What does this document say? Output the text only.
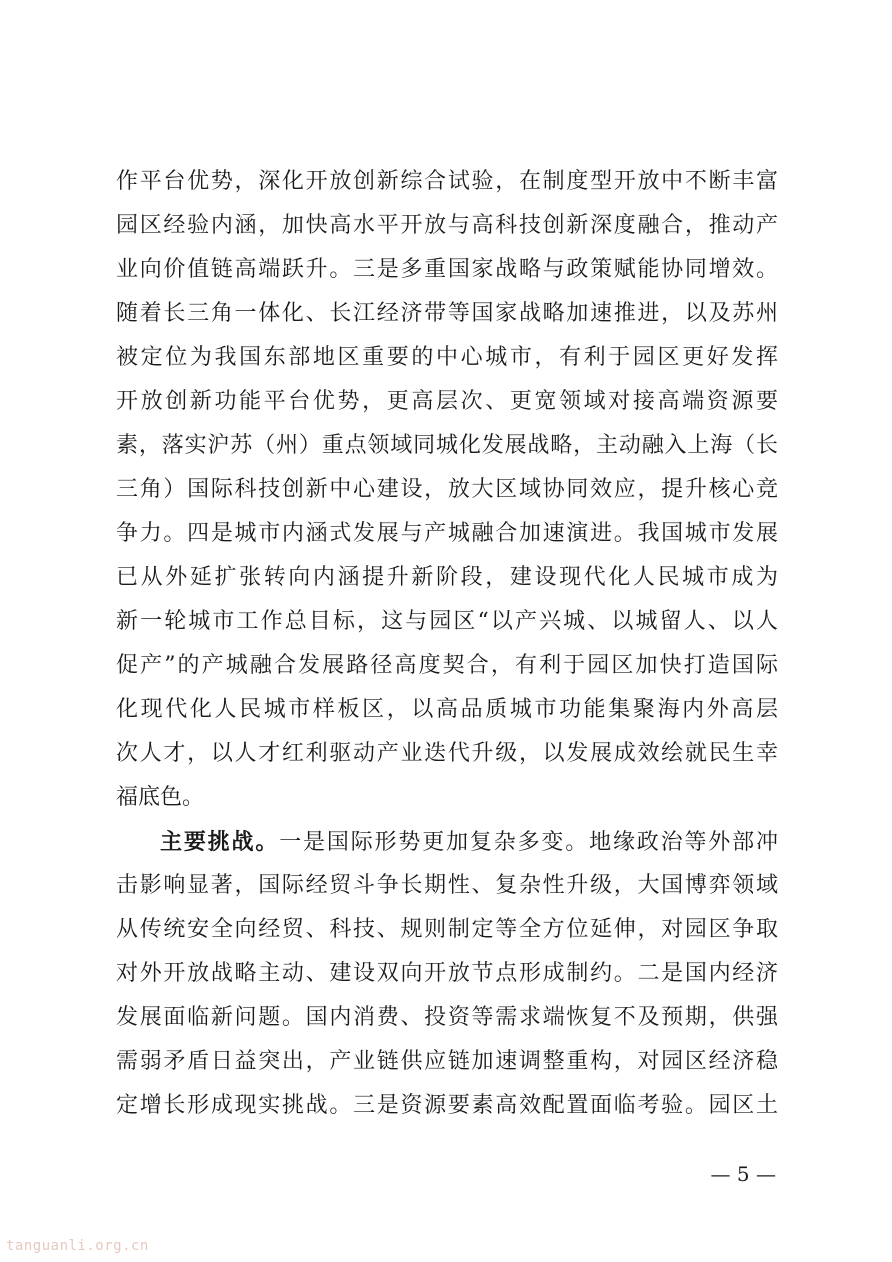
作平台优势，深化开放创新综合试验，在制度型开放中不断丰富
园区经验内涵，加快高水平开放与高科技创新深度融合，推动产
业向价值链高端跃升。三是多重国家战略与政策赋能协同增效。
随着长三角一体化、长江经济带等国家战略加速推进，以及苏州
被定位为我国东部地区重要的中心城市，有利于园区更好发挥
开放创新功能平台优势，更高层次、更宽领域对接高端资源要
素，落实沪苏（州）重点领域同城化发展战略，主动融入上海（长
三角）国际科技创新中心建设，放大区域协同效应，提升核心竞
争力。四是城市内涵式发展与产城融合加速演进。我国城市发展
已从外延扩张转向内涵提升新阶段，建设现代化人民城市成为
新一轮城市工作总目标，这与园区“以产兴城、以城留人、以人
促产”的产城融合发展路径高度契合，有利于园区加快打造国际
化现代化人民城市样板区，以高品质城市功能集聚海内外高层
次人才，以人才红利驱动产业迭代升级，以发展成效绘就民生幸
福底色。
主要挑战。一是国际形势更加复杂多变。地缘政治等外部冲
击影响显著，国际经贸斗争长期性、复杂性升级，大国博弈领域
从传统安全向经贸、科技、规则制定等全方位延伸，对园区争取
对外开放战略主动、建设双向开放节点形成制约。二是国内经济
发展面临新问题。国内消费、投资等需求端恢复不及预期，供强
需弱矛盾日益突出，产业链供应链加速调整重构，对园区经济稳
定增长形成现实挑战。三是资源要素高效配置面临考验。园区土
— 5 —
tanguanli.org.cn
